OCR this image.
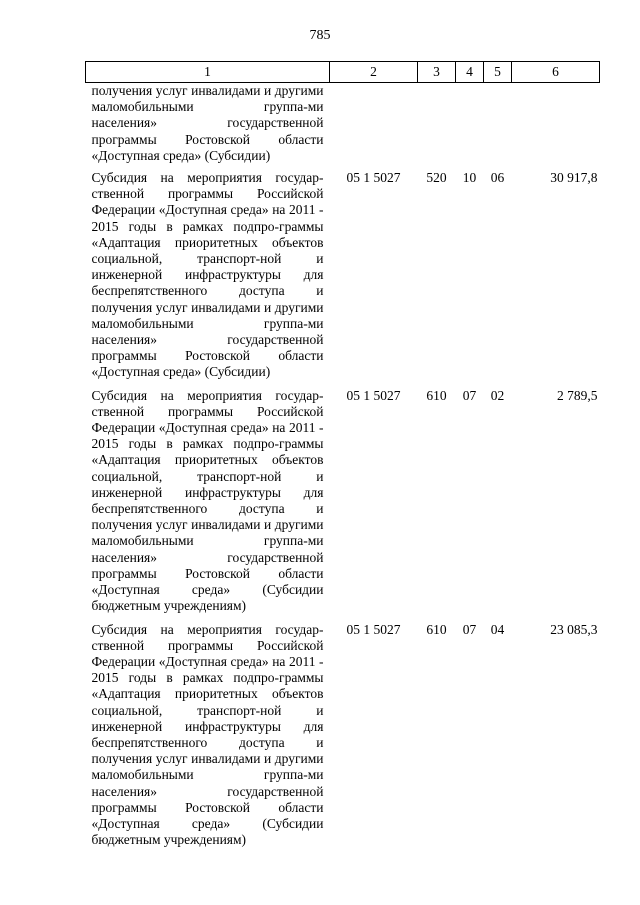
785
1	2	3	4	5	6
получения услуг инвалидами и другими маломобильными группа-ми населения» государственной программы Ростовской области «Доступная среда» (Субсидии)					
Субсидия на мероприятия государ-ственной программы Российской Федерации «Доступная среда» на 2011 - 2015 годы в рамках подпро-граммы «Адаптация приоритетных объектов социальной, транспорт-ной и инженерной инфраструктуры для беспрепятственного доступа и получения услуг инвалидами и другими маломобильными группа-ми населения» государственной программы Ростовской области «Доступная среда» (Субсидии)	05 1 5027	520	10	06	30 917,8
Субсидия на мероприятия государ-ственной программы Российской Федерации «Доступная среда» на 2011 - 2015 годы в рамках подпро-граммы «Адаптация приоритетных объектов социальной, транспорт-ной и инженерной инфраструктуры для беспрепятственного доступа и получения услуг инвалидами и другими маломобильными группа-ми населения» государственной программы Ростовской области «Доступная среда» (Субсидии бюджетным учреждениям)	05 1 5027	610	07	02	2 789,5
Субсидия на мероприятия государ-ственной программы Российской Федерации «Доступная среда» на 2011 - 2015 годы в рамках подпро-граммы «Адаптация приоритетных объектов социальной, транспорт-ной и инженерной инфраструктуры для беспрепятственного доступа и получения услуг инвалидами и другими маломобильными группа-ми населения» государственной программы Ростовской области «Доступная среда» (Субсидии бюджетным учреждениям)	05 1 5027	610	07	04	23 085,3
